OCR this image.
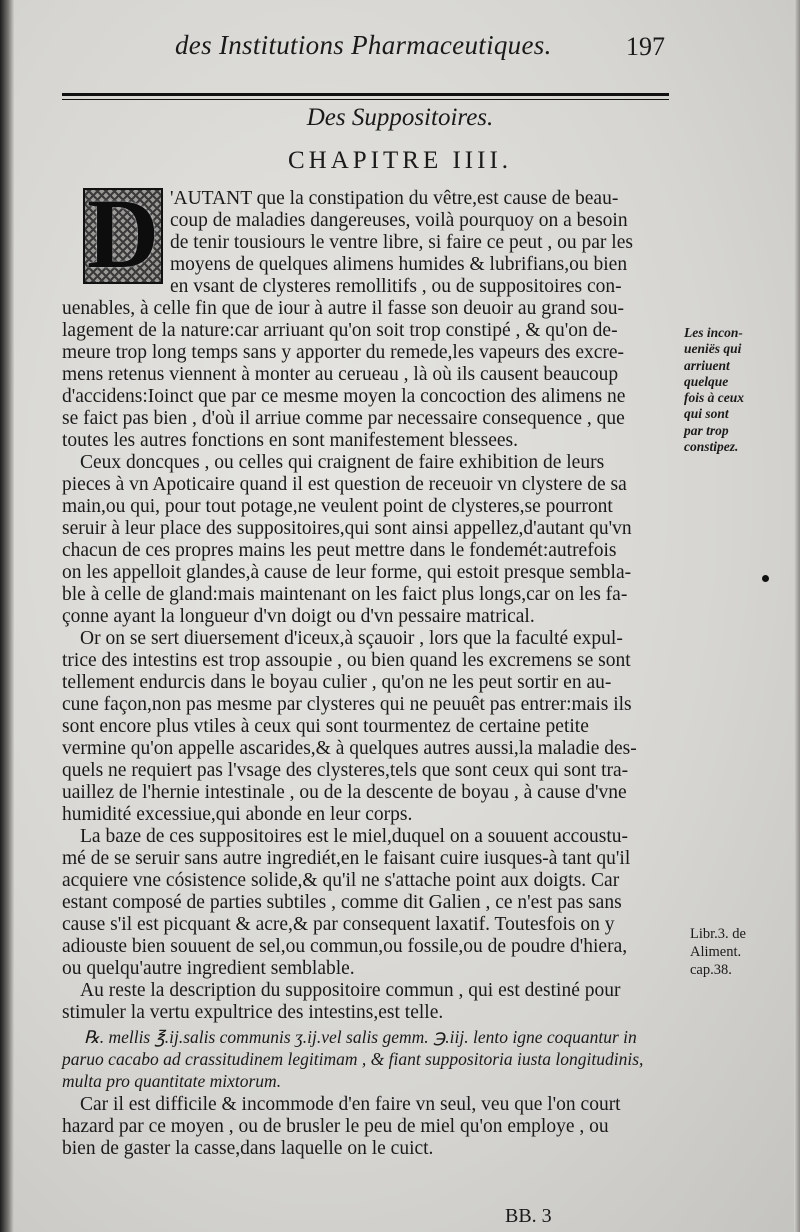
des Institutions Pharmaceutiques.	197
Des Suppositoires.
CHAPITRE IIII.
D 'AUTANT que la constipation du vêtre,est cause de beau-
coup de maladies dangereuses, voilà pourquoy on a besoin
de tenir tousiours le ventre libre, si faire ce peut , ou par les
moyens de quelques alimens humides & lubrifians,ou bien
en vsant de clysteres remollitifs , ou de suppositoires con-
uenables, à celle fin que de iour à autre il fasse son deuoir au grand sou-
lagement de la nature:car arriuant qu'on soit trop constipé , & qu'on de-
meure trop long temps sans y apporter du remede,les vapeurs des excre-
mens retenus viennent à monter au cerueau , là où ils causent beaucoup
d'accidens:Ioinct que par ce mesme moyen la concoction des alimens ne
se faict pas bien , d'où il arriue comme par necessaire consequence , que
toutes les autres fonctions en sont manifestement blessees.
Ceux doncques , ou celles qui craignent de faire exhibition de leurs
pieces à vn Apoticaire quand il est question de receuoir vn clystere de sa
main,ou qui, pour tout potage,ne veulent point de clysteres,se pourront
seruir à leur place des suppositoires,qui sont ainsi appellez,d'autant qu'vn
chacun de ces propres mains les peut mettre dans le fondemét:autrefois
on les appelloit glandes,à cause de leur forme, qui estoit presque sembla-
ble à celle de gland:mais maintenant on les faict plus longs,car on les fa-
çonne ayant la longueur d'vn doigt ou d'vn pessaire matrical.
Or on se sert diuersement d'iceux,à sçauoir , lors que la faculté expul-
trice des intestins est trop assoupie , ou bien quand les excremens se sont
tellement endurcis dans le boyau culier , qu'on ne les peut sortir en au-
cune façon,non pas mesme par clysteres qui ne peuuêt pas entrer:mais ils
sont encore plus vtiles à ceux qui sont tourmentez de certaine petite
vermine qu'on appelle ascarides,& à quelques autres aussi,la maladie des-
quels ne requiert pas l'vsage des clysteres,tels que sont ceux qui sont tra-
uaillez de l'hernie intestinale , ou de la descente de boyau , à cause d'vne
humidité excessiue,qui abonde en leur corps.
La baze de ces suppositoires est le miel,duquel on a souuent accoustu-
mé de se seruir sans autre ingrediét,en le faisant cuire iusques-à tant qu'il
acquiere vne cósistence solide,& qu'il ne s'attache point aux doigts. Car
estant composé de parties subtiles , comme dit Galien , ce n'est pas sans
cause s'il est picquant & acre,& par consequent laxatif. Toutesfois on y
adiouste bien souuent de sel,ou commun,ou fossile,ou de poudre d'hiera,
ou quelqu'autre ingredient semblable.
Au reste la description du suppositoire commun , qui est destiné pour
stimuler la vertu expultrice des intestins,est telle.
℞. mellis ℥.ij.salis communis ʒ.ij.vel salis gemm. ℈.iij. lento igne coquantur in
paruo cacabo ad crassitudinem legitimam , & fiant suppositoria iusta longitudinis,
multa pro quantitate mixtorum.
Car il est difficile & incommode d'en faire vn seul, veu que l'on court
hazard par ce moyen , ou de brusler le peu de miel qu'on employe , ou
bien de gaster la casse,dans laquelle on le cuict.
Les incon-
ueniës qui
arriuent
quelque
fois à ceux
qui sont
par trop
constipez.
Libr.3. de
Aliment.
cap.38.
BB. 3
